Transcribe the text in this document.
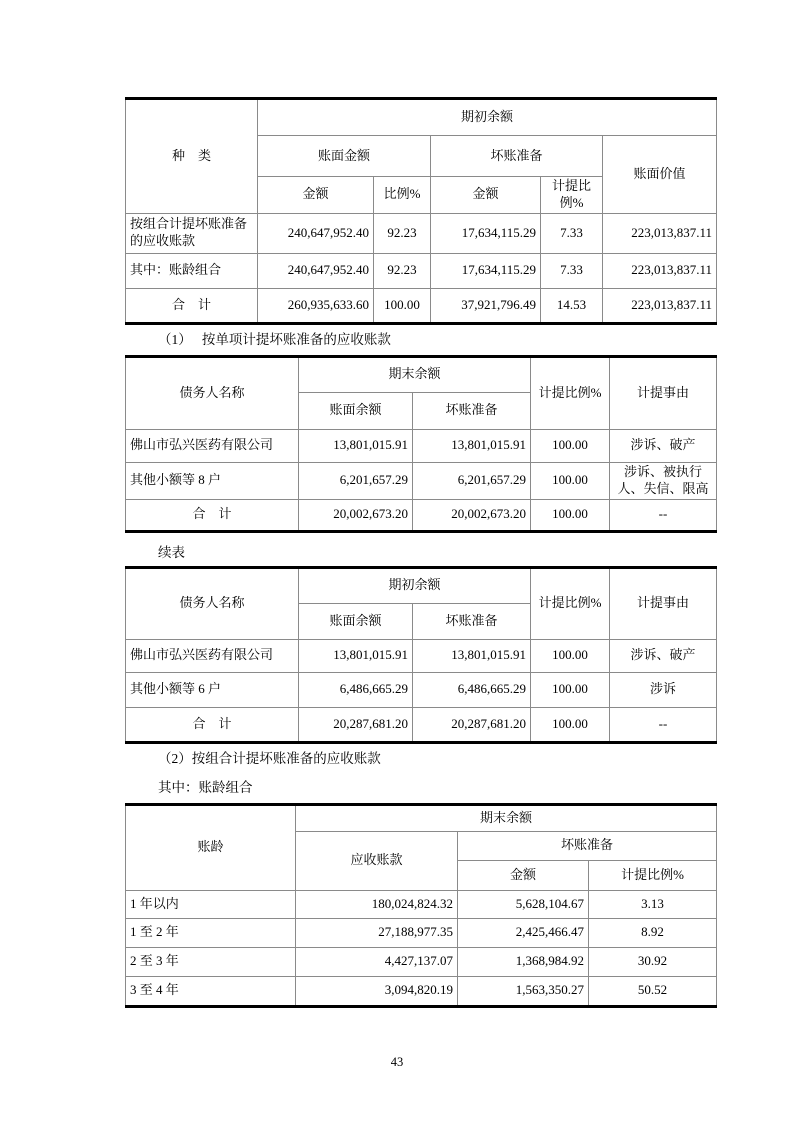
种　类	期初余额				
	账面金额		坏账准备		账面价值
	金额	比例%	金额	计提比例%	
按组合计提坏账准备的应收账款	240,647,952.40	92.23	17,634,115.29	7.33	223,013,837.11
其中：账龄组合	240,647,952.40	92.23	17,634,115.29	7.33	223,013,837.11
合　计	260,935,633.60	100.00	37,921,796.49	14.53	223,013,837.11
（1）　 按单项计提坏账准备的应收账款
债务人名称	期末余额		计提比例%	计提事由
	账面余额	坏账准备		
佛山市弘兴医药有限公司	13,801,015.91	13,801,015.91	100.00	涉诉、破产
其他小额等 8 户	6,201,657.29	6,201,657.29	100.00	涉诉、被执行人、失信、限高
合　计	20,002,673.20	20,002,673.20	100.00	--
续表
债务人名称	期初余额		计提比例%	计提事由
	账面余额	坏账准备		
佛山市弘兴医药有限公司	13,801,015.91	13,801,015.91	100.00	涉诉、破产
其他小额等 6 户	6,486,665.29	6,486,665.29	100.00	涉诉
合　计	20,287,681.20	20,287,681.20	100.00	--
（2）按组合计提坏账准备的应收账款
其中：账龄组合
账龄	期末余额		
	应收账款	坏账准备	
		金额	计提比例%
1 年以内	180,024,824.32	5,628,104.67	3.13
1 至 2 年	27,188,977.35	2,425,466.47	8.92
2 至 3 年	4,427,137.07	1,368,984.92	30.92
3 至 4 年	3,094,820.19	1,563,350.27	50.52
43
